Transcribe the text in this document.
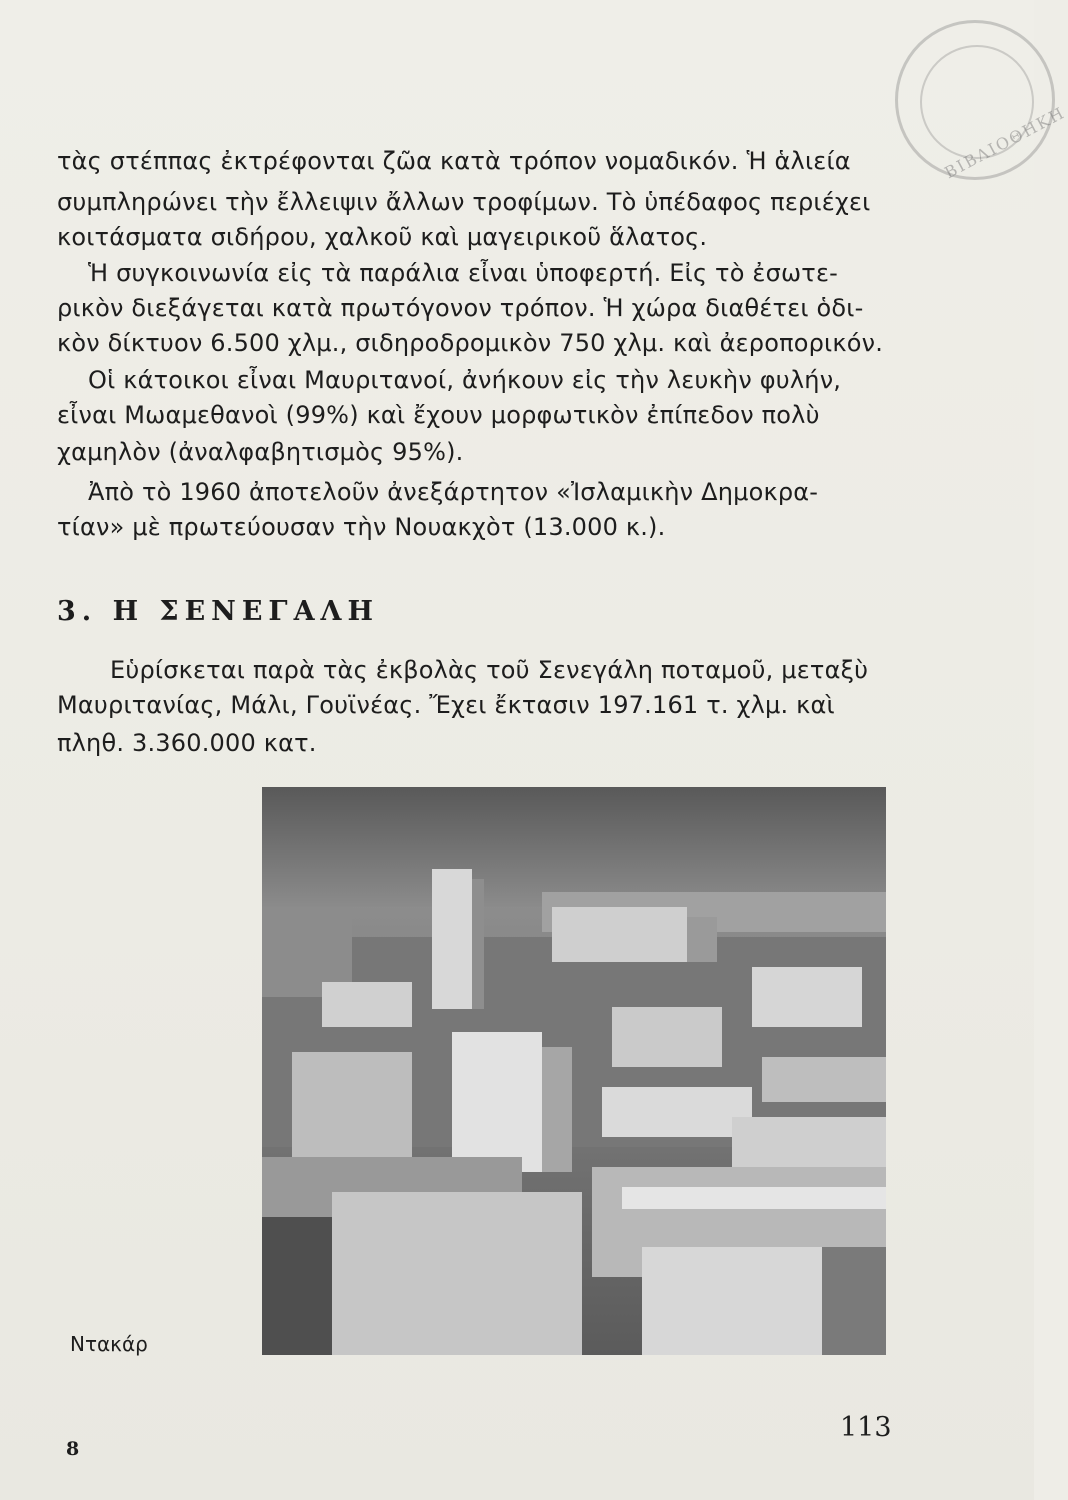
ΒΙΒΛΙΟΘΗΚΗ
τὰς στέππας ἐκτρέφονται ζῶα κατὰ τρόπον νομαδικόν. Ἡ ἁλιεία
συμπληρώνει τὴν ἔλλειψιν ἄλλων τροφίμων. Τὸ ὑπέδαφος περιέχει
κοιτάσματα σιδήρου, χαλκοῦ καὶ μαγειρικοῦ ἅλατος.
Ἡ συγκοινωνία εἰς τὰ παράλια εἶναι ὑποφερτή. Εἰς τὸ ἐσωτε-
ρικὸν διεξάγεται κατὰ πρωτόγονον τρόπον. Ἡ χώρα διαθέτει ὁδι-
κὸν δίκτυον 6.500 χλμ., σιδηροδρομικὸν 750 χλμ. καὶ ἀεροπορικόν.
Οἱ κάτοικοι εἶναι Μαυριτανοί, ἀνήκουν εἰς τὴν λευκὴν φυλήν,
εἶναι Μωαμεθανοὶ (99%) καὶ ἔχουν μορφωτικὸν ἐπίπεδον πολὺ
χαμηλὸν (ἀναλφαβητισμὸς 95%).
Ἀπὸ τὸ 1960 ἀποτελοῦν ἀνεξάρτητον «Ἰσλαμικὴν Δημοκρα-
τίαν» μὲ πρωτεύουσαν τὴν Νουακχὸτ (13.000 κ.).
3. Η ΣΕΝΕΓΑΛΗ
Εὑρίσκεται παρὰ τὰς ἐκβολὰς τοῦ Σενεγάλη ποταμοῦ, μεταξὺ
Μαυριτανίας, Μάλι, Γουϊνέας. Ἔχει ἔκτασιν 197.161 τ. χλμ. καὶ
πληθ. 3.360.000 κατ.
Ντακάρ
8
113
